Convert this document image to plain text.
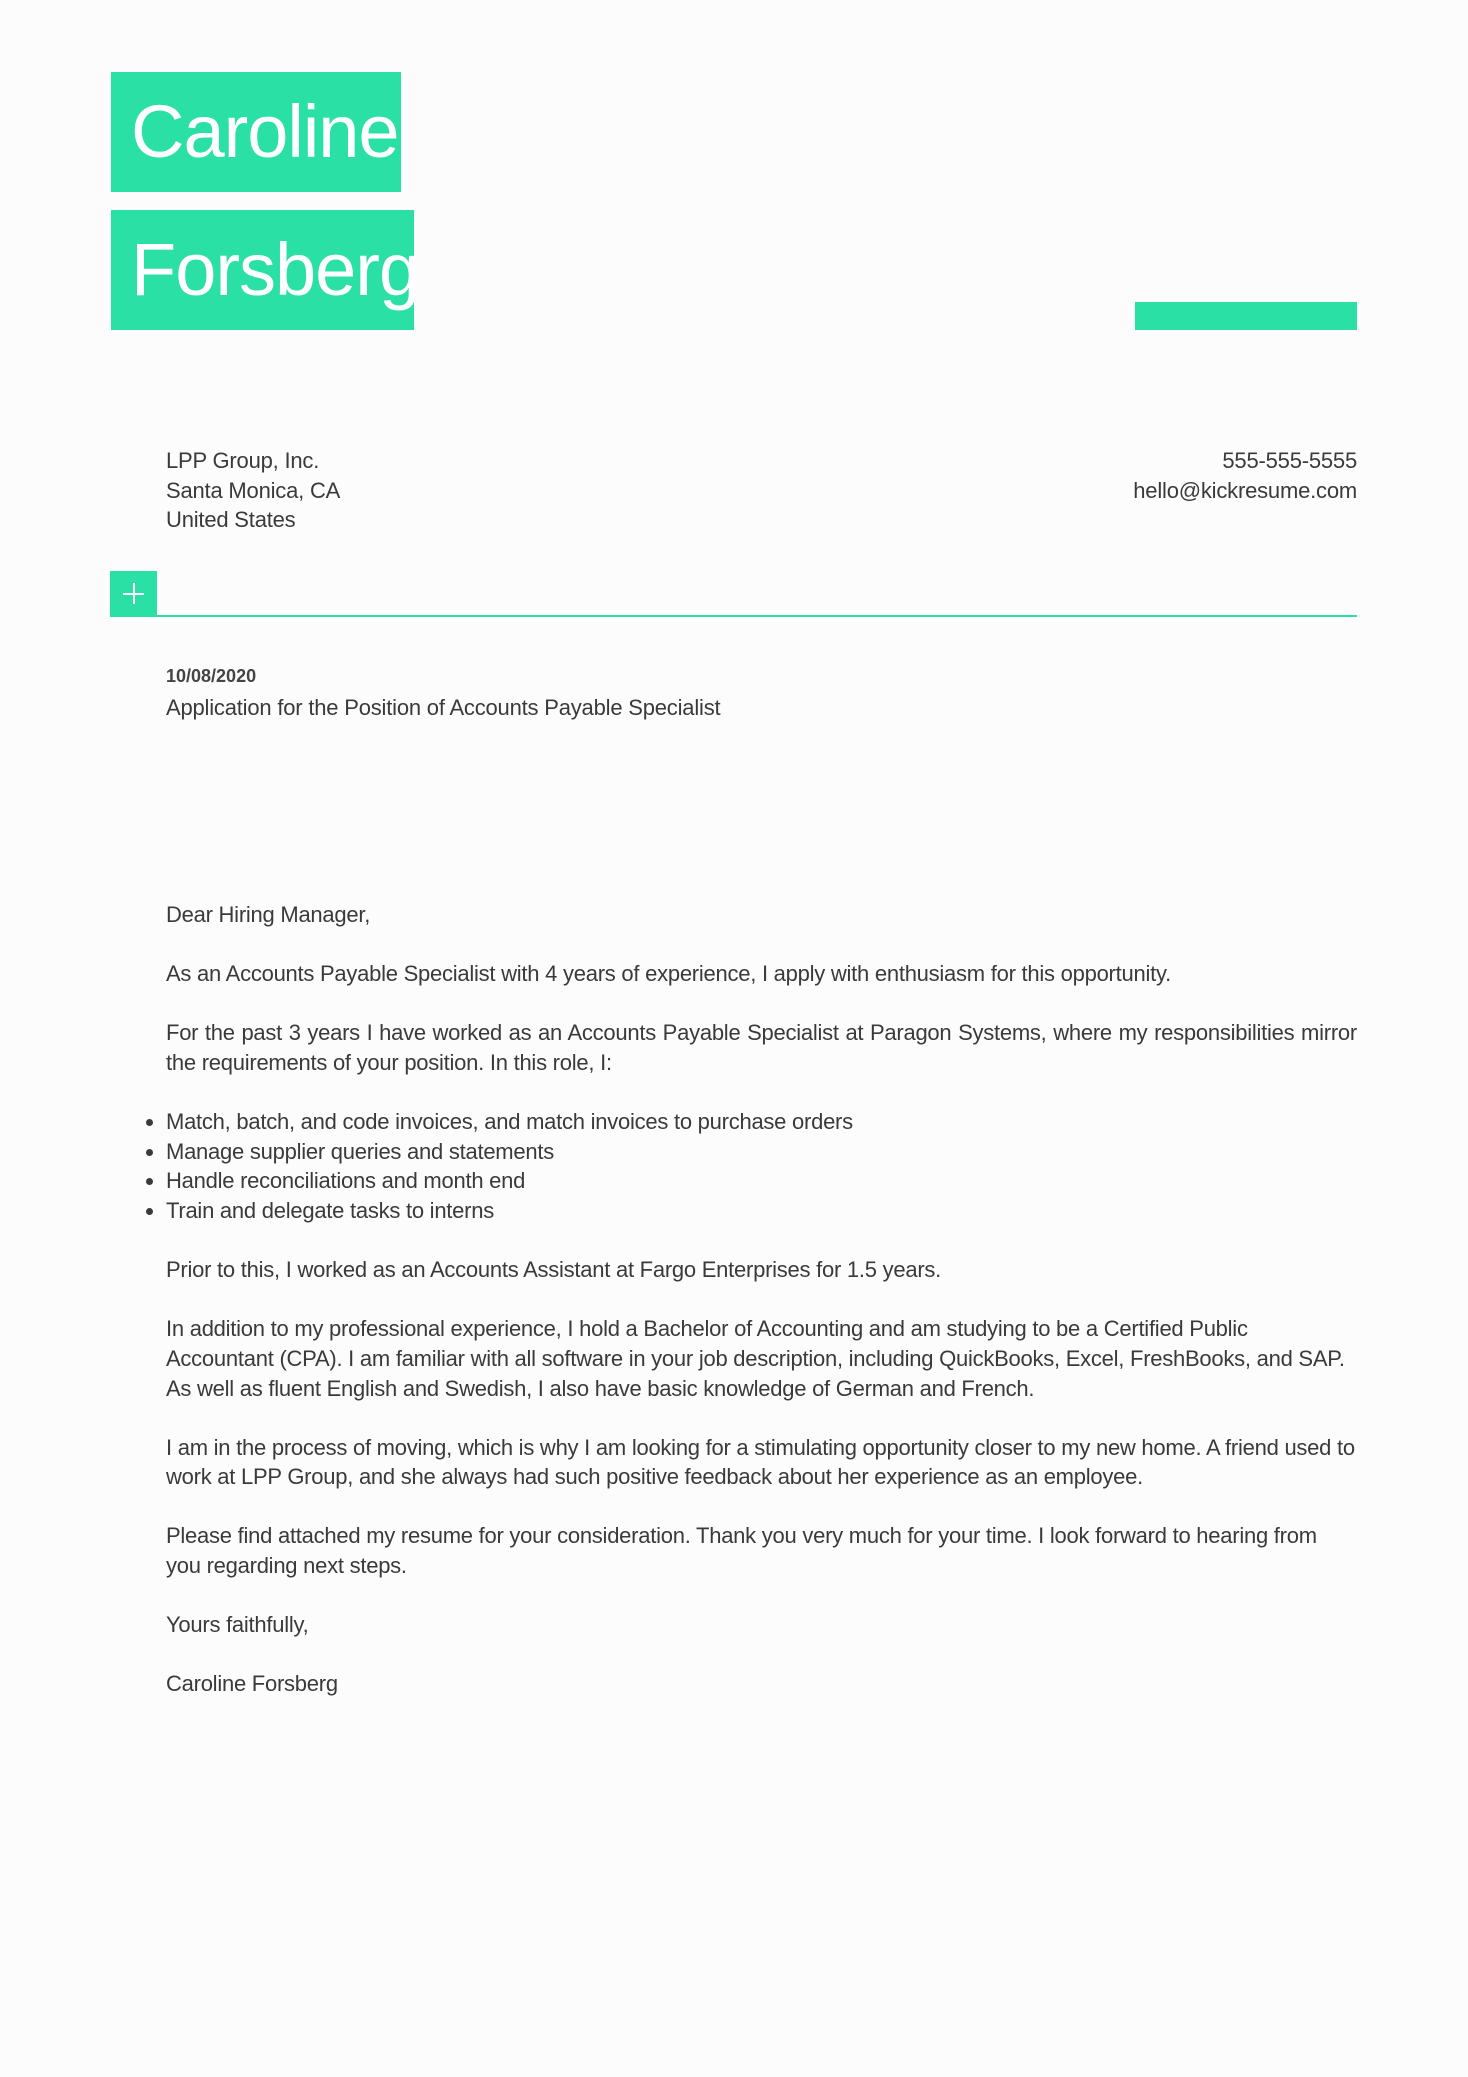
Caroline
Forsberg
LPP Group, Inc.
Santa Monica, CA
United States
555-555-5555
hello@kickresume.com
10/08/2020
Application for the Position of Accounts Payable Specialist

Dear Hiring Manager,

As an Accounts Payable Specialist with 4 years of experience, I apply with enthusiasm for this opportunity.

For the past 3 years I have worked as an Accounts Payable Specialist at Paragon Systems, where my responsibilities mirror the requirements of your position. In this role, I:

• Match, batch, and code invoices, and match invoices to purchase orders
• Manage supplier queries and statements
• Handle reconciliations and month end
• Train and delegate tasks to interns

Prior to this, I worked as an Accounts Assistant at Fargo Enterprises for 1.5 years.

In addition to my professional experience, I hold a Bachelor of Accounting and am studying to be a Certified Public Accountant (CPA). I am familiar with all software in your job description, including QuickBooks, Excel, FreshBooks, and SAP. As well as fluent English and Swedish, I also have basic knowledge of German and French.

I am in the process of moving, which is why I am looking for a stimulating opportunity closer to my new home. A friend used to work at LPP Group, and she always had such positive feedback about her experience as an employee.

Please find attached my resume for your consideration. Thank you very much for your time. I look forward to hearing from you regarding next steps.

Yours faithfully,

Caroline Forsberg
